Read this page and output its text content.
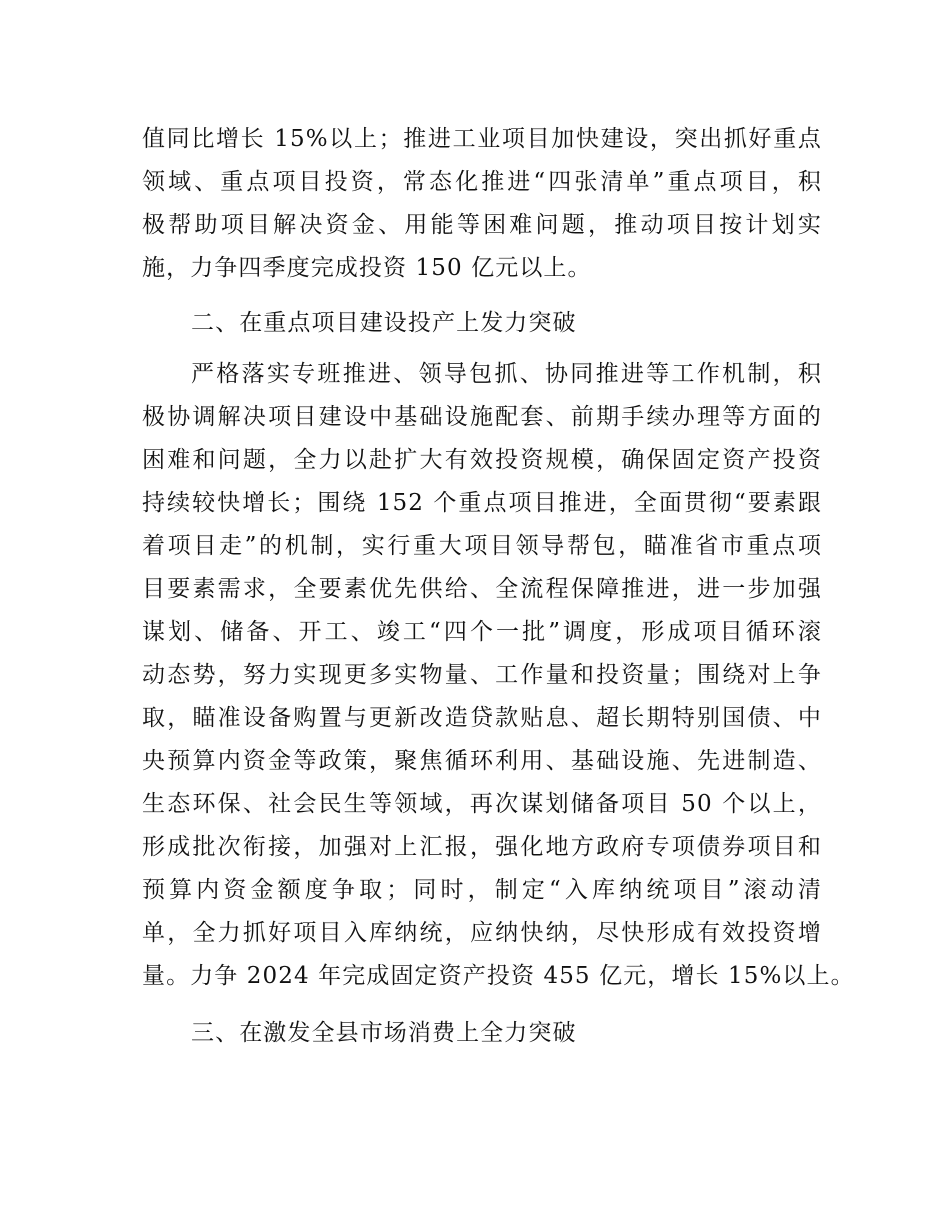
值同比增长 15%以上；推进工业项目加快建设，突出抓好重点
领域、重点项目投资，常态化推进“四张清单”重点项目，积
极帮助项目解决资金、用能等困难问题，推动项目按计划实
施，力争四季度完成投资 150 亿元以上。
二、在重点项目建设投产上发力突破
严格落实专班推进、领导包抓、协同推进等工作机制，积
极协调解决项目建设中基础设施配套、前期手续办理等方面的
困难和问题，全力以赴扩大有效投资规模，确保固定资产投资
持续较快增长；围绕 152 个重点项目推进，全面贯彻“要素跟
着项目走”的机制，实行重大项目领导帮包，瞄准省市重点项
目要素需求，全要素优先供给、全流程保障推进，进一步加强
谋划、储备、开工、竣工“四个一批”调度，形成项目循环滚
动态势，努力实现更多实物量、工作量和投资量；围绕对上争
取，瞄准设备购置与更新改造贷款贴息、超长期特别国债、中
央预算内资金等政策，聚焦循环利用、基础设施、先进制造、
生态环保、社会民生等领域，再次谋划储备项目 50 个以上，
形成批次衔接，加强对上汇报，强化地方政府专项债券项目和
预算内资金额度争取；同时，制定“入库纳统项目”滚动清
单，全力抓好项目入库纳统，应纳快纳，尽快形成有效投资增
量。力争 2024 年完成固定资产投资 455 亿元，增长 15%以上。
三、在激发全县市场消费上全力突破
